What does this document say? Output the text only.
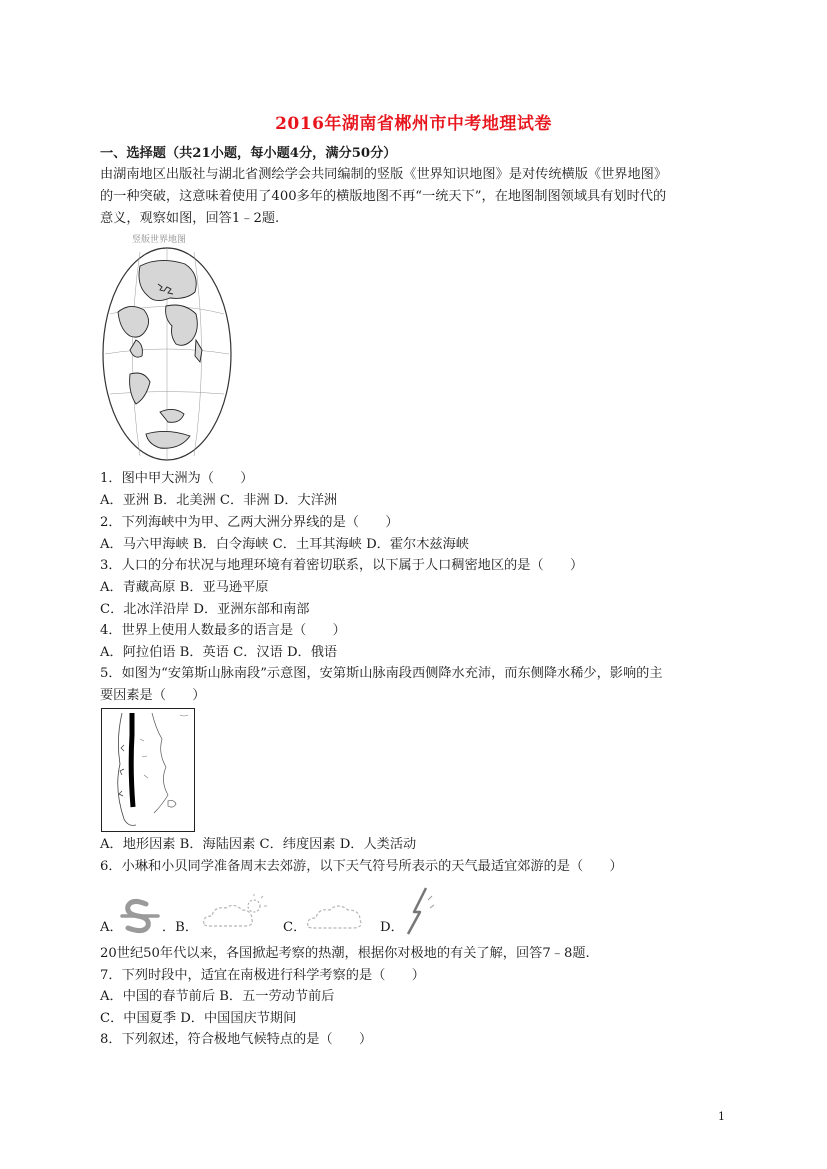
2016年湖南省郴州市中考地理试卷
一、选择题（共21小题，每小题4分，满分50分）
由湖南地区出版社与湖北省测绘学会共同编制的竖版《世界知识地图》是对传统横版《世界地图》
的一种突破，这意味着使用了400多年的横版地图不再“一统天下”，在地图制图领域具有划时代的
意义，观察如图，回答1﹣2题.
竖版世界地图
1．图中甲大洲为（　　）
A．亚洲 B．北美洲 C．非洲 D．大洋洲
2．下列海峡中为甲、乙两大洲分界线的是（　　）
A．马六甲海峡 B．白令海峡 C．土耳其海峡 D．霍尔木兹海峡
3．人口的分布状况与地理环境有着密切联系，以下属于人口稠密地区的是（　　）
A．青藏高原 B．亚马逊平原
C．北冰洋沿岸 D．亚洲东部和南部
4．世界上使用人数最多的语言是（　　）
A．阿拉伯语 B．英语 C．汉语 D．俄语
5．如图为“安第斯山脉南段”示意图，安第斯山脉南段西侧降水充沛，而东侧降水稀少，影响的主
要因素是（　　）
A．地形因素 B．海陆因素 C．纬度因素 D．人类活动
6．小琳和小贝同学准备周末去郊游，以下天气符号所表示的天气最适宜郊游的是（　　）
A．	．B．	C．	D．
20世纪50年代以来，各国掀起考察的热潮，根据你对极地的有关了解，回答7﹣8题.
7．下列时段中，适宜在南极进行科学考察的是（　　）
A．中国的春节前后 B．五一劳动节前后
C．中国夏季 D．中国国庆节期间
8．下列叙述，符合极地气候特点的是（　　）
1
